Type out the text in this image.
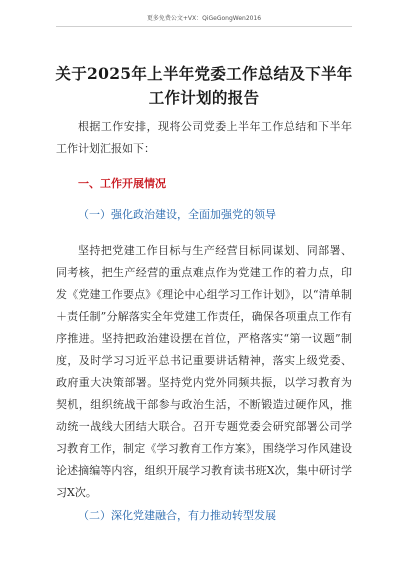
更多免费公文+VX：QiGeGongWen2016
关于2025年上半年党委工作总结及下半年
工作计划的报告
根据工作安排，现将公司党委上半年工作总结和下半年工作计划汇报如下：
一、工作开展情况
（一）强化政治建设，全面加强党的领导
坚持把党建工作目标与生产经营目标同谋划、同部署、同考核，把生产经营的重点难点作为党建工作的着力点，印发《党建工作要点》《理论中心组学习工作计划》，以“清单制＋责任制”分解落实全年党建工作责任，确保各项重点工作有序推进。坚持把政治建设摆在首位，严格落实“第一议题”制度，及时学习习近平总书记重要讲话精神，落实上级党委、政府重大决策部署。坚持党内党外同频共振，以学习教育为契机，组织统战干部参与政治生活，不断锻造过硬作风，推动统一战线大团结大联合。召开专题党委会研究部署公司学习教育工作，制定《学习教育工作方案》，围绕学习作风建设论述摘编等内容，组织开展学习教育读书班X次，集中研讨学习X次。
（二）深化党建融合，有力推动转型发展
